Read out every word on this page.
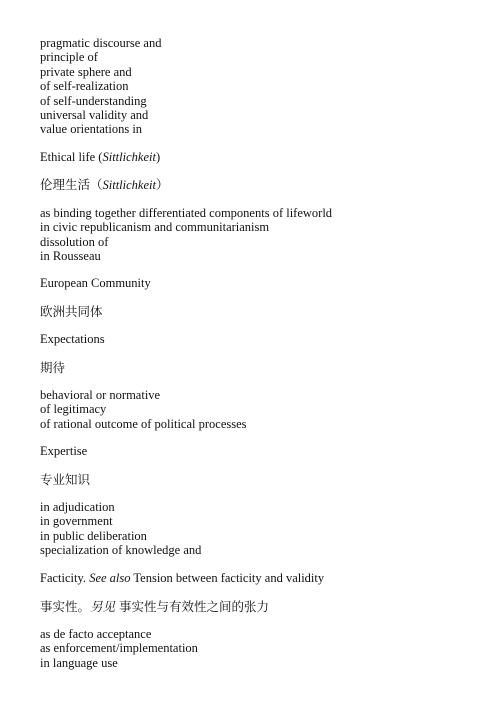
pragmatic discourse and
principle of
private sphere and
of self-realization
of self-understanding
universal validity and
value orientations in
Ethical life (Sittlichkeit)
伦理生活（Sittlichkeit）
as binding together differentiated components of lifeworld
in civic republicanism and communitarianism
dissolution of
in Rousseau
European Community
欧洲共同体
Expectations
期待
behavioral or normative
of legitimacy
of rational outcome of political processes
Expertise
专业知识
in adjudication
in government
in public deliberation
specialization of knowledge and
Facticity. See also Tension between facticity and validity
事实性。另见 事实性与有效性之间的张力
as de facto acceptance
as enforcement/implementation
in language use
